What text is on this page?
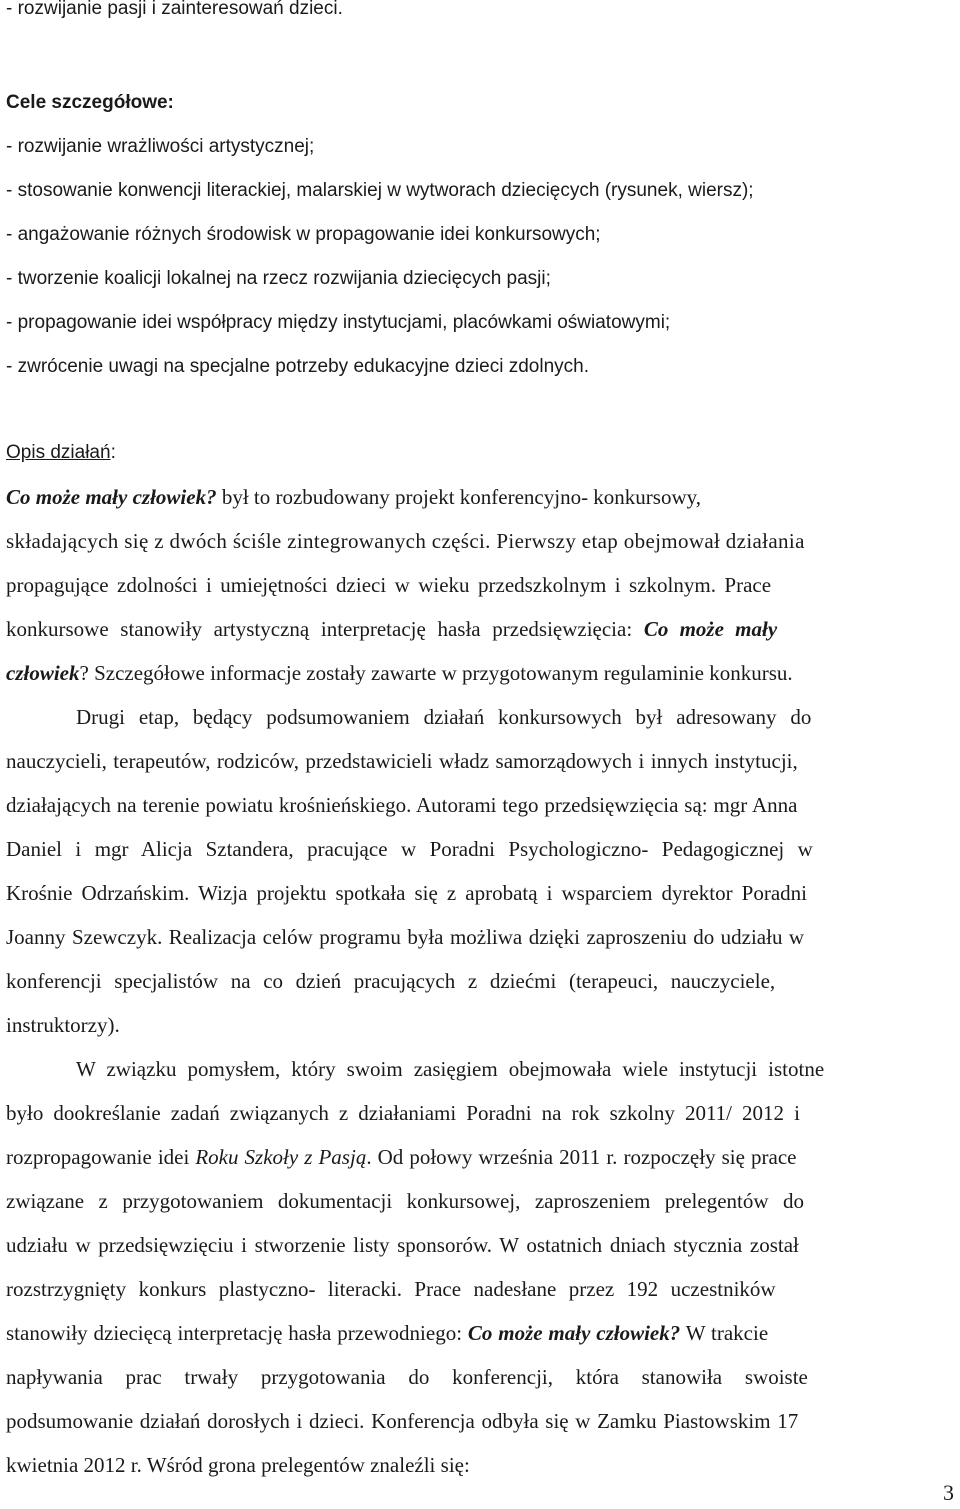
- rozwijanie pasji i zainteresowań dzieci.
Cele szczegółowe:
- rozwijanie wrażliwości artystycznej;
- stosowanie konwencji literackiej, malarskiej w wytworach dziecięcych (rysunek, wiersz);
- angażowanie różnych środowisk w propagowanie idei konkursowych;
- tworzenie koalicji lokalnej na rzecz rozwijania dziecięcych pasji;
- propagowanie idei współpracy między instytucjami, placówkami oświatowymi;
- zwrócenie uwagi na specjalne potrzeby edukacyjne dzieci zdolnych.
Opis działań:
Co może mały człowiek? był to rozbudowany projekt konferencyjno- konkursowy,
składających się z dwóch ściśle zintegrowanych części. Pierwszy etap obejmował działania
propagujące zdolności i umiejętności dzieci w wieku przedszkolnym i szkolnym. Prace
konkursowe stanowiły artystyczną interpretację hasła przedsięwzięcia: Co może mały
człowiek? Szczegółowe informacje zostały zawarte w przygotowanym regulaminie konkursu.
Drugi etap, będący podsumowaniem działań konkursowych był adresowany do
nauczycieli, terapeutów, rodziców, przedstawicieli władz samorządowych i innych instytucji,
działających na terenie powiatu krośnieńskiego. Autorami tego przedsięwzięcia są: mgr Anna
Daniel i mgr Alicja Sztandera, pracujące w Poradni Psychologiczno- Pedagogicznej w
Krośnie Odrzańskim. Wizja projektu spotkała się z aprobatą i wsparciem dyrektor Poradni
Joanny Szewczyk. Realizacja celów programu była możliwa dzięki zaproszeniu do udziału w
konferencji specjalistów na co dzień pracujących z dziećmi (terapeuci, nauczyciele,
instruktorzy).
W związku pomysłem, który swoim zasięgiem obejmowała wiele instytucji istotne
było dookreślanie zadań związanych z działaniami Poradni na rok szkolny 2011/ 2012 i
rozpropagowanie idei Roku Szkoły z Pasją. Od połowy września 2011 r. rozpoczęły się prace
związane z przygotowaniem dokumentacji konkursowej, zaproszeniem prelegentów do
udziału w przedsięwzięciu i stworzenie listy sponsorów. W ostatnich dniach stycznia został
rozstrzygnięty konkurs plastyczno- literacki. Prace nadesłane przez 192 uczestników
stanowiły dziecięcą interpretację hasła przewodniego: Co może mały człowiek? W trakcie
napływania prac trwały przygotowania do konferencji, która stanowiła swoiste
podsumowanie działań dorosłych i dzieci. Konferencja odbyła się w Zamku Piastowskim 17
kwietnia 2012 r. Wśród grona prelegentów znaleźli się:
3
